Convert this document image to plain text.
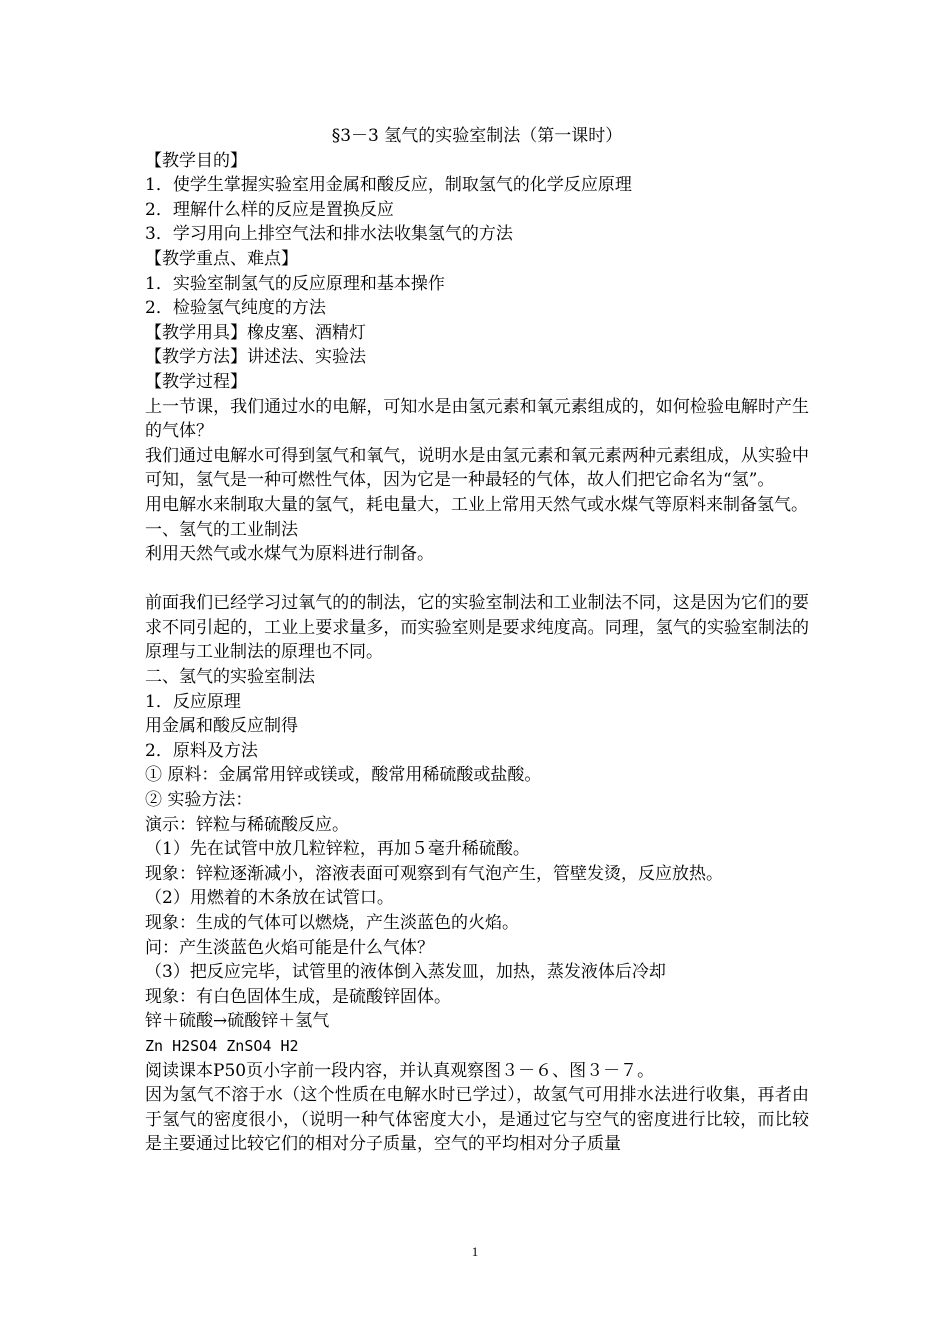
§3－3 氢气的实验室制法（第一课时）
【教学目的】
1．使学生掌握实验室用金属和酸反应，制取氢气的化学反应原理
2．理解什么样的反应是置换反应
3．学习用向上排空气法和排水法收集氢气的方法
【教学重点、难点】
1．实验室制氢气的反应原理和基本操作
2．检验氢气纯度的方法
【教学用具】橡皮塞、酒精灯
【教学方法】讲述法、实验法
【教学过程】
上一节课，我们通过水的电解，可知水是由氢元素和氧元素组成的，如何检验电解时产生的气体？
我们通过电解水可得到氢气和氧气，说明水是由氢元素和氧元素两种元素组成，从实验中可知，氢气是一种可燃性气体，因为它是一种最轻的气体，故人们把它命名为“氢”。
用电解水来制取大量的氢气，耗电量大，工业上常用天然气或水煤气等原料来制备氢气。
一、氢气的工业制法
利用天然气或水煤气为原料进行制备。
前面我们已经学习过氧气的的制法，它的实验室制法和工业制法不同，这是因为它们的要求不同引起的，工业上要求量多，而实验室则是要求纯度高。同理，氢气的实验室制法的原理与工业制法的原理也不同。
二、氢气的实验室制法
1．反应原理
用金属和酸反应制得
2．原料及方法
① 原料：金属常用锌或镁或，酸常用稀硫酸或盐酸。
② 实验方法：
演示：锌粒与稀硫酸反应。
（1）先在试管中放几粒锌粒，再加５毫升稀硫酸。
现象：锌粒逐渐减小，溶液表面可观察到有气泡产生，管壁发烫，反应放热。
（2）用燃着的木条放在试管口。
现象：生成的气体可以燃烧，产生淡蓝色的火焰。
问：产生淡蓝色火焰可能是什么气体？
（3）把反应完毕，试管里的液体倒入蒸发皿，加热，蒸发液体后冷却
现象：有白色固体生成，是硫酸锌固体。
锌＋硫酸→硫酸锌＋氢气
Zn H2SO4 ZnSO4 H2
阅读课本P50页小字前一段内容，并认真观察图３－６、图３－７。
因为氢气不溶于水（这个性质在电解水时已学过），故氢气可用排水法进行收集，再者由于氢气的密度很小，（说明一种气体密度大小，是通过它与空气的密度进行比较，而比较是主要通过比较它们的相对分子质量，空气的平均相对分子质量
1
